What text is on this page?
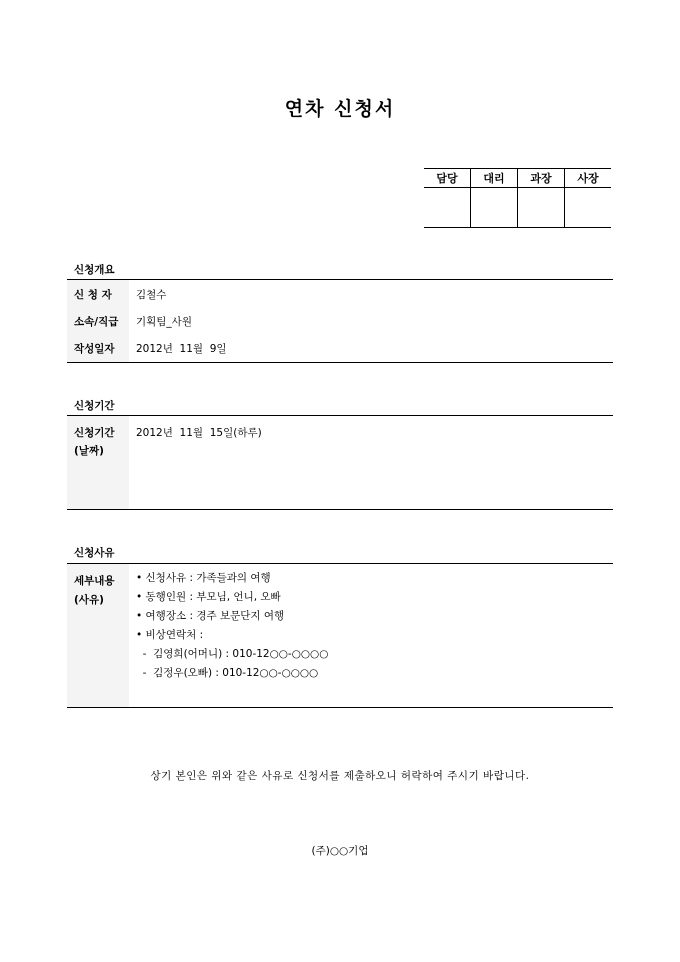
연차 신청서
담당	대리	과장	사장

신청개요
신 청 자 김철수
소속/직급 기획팀_사원
작성일자 2012년  11월  9일
신청기간
신청기간
(날짜)
2012년  11월  15일(하루)
신청사유
세부내용
(사유)
• 신청사유 : 가족들과의 여행
• 동행인원 : 부모님, 언니, 오빠
• 여행장소 : 경주 보문단지 여행
• 비상연락처 :
-  김영희(어머니) : 010-12○○-○○○○
-  김정우(오빠) : 010-12○○-○○○○
상기 본인은 위와 같은 사유로 신청서를 제출하오니 허락하여 주시기 바랍니다.
(주)○○기업
